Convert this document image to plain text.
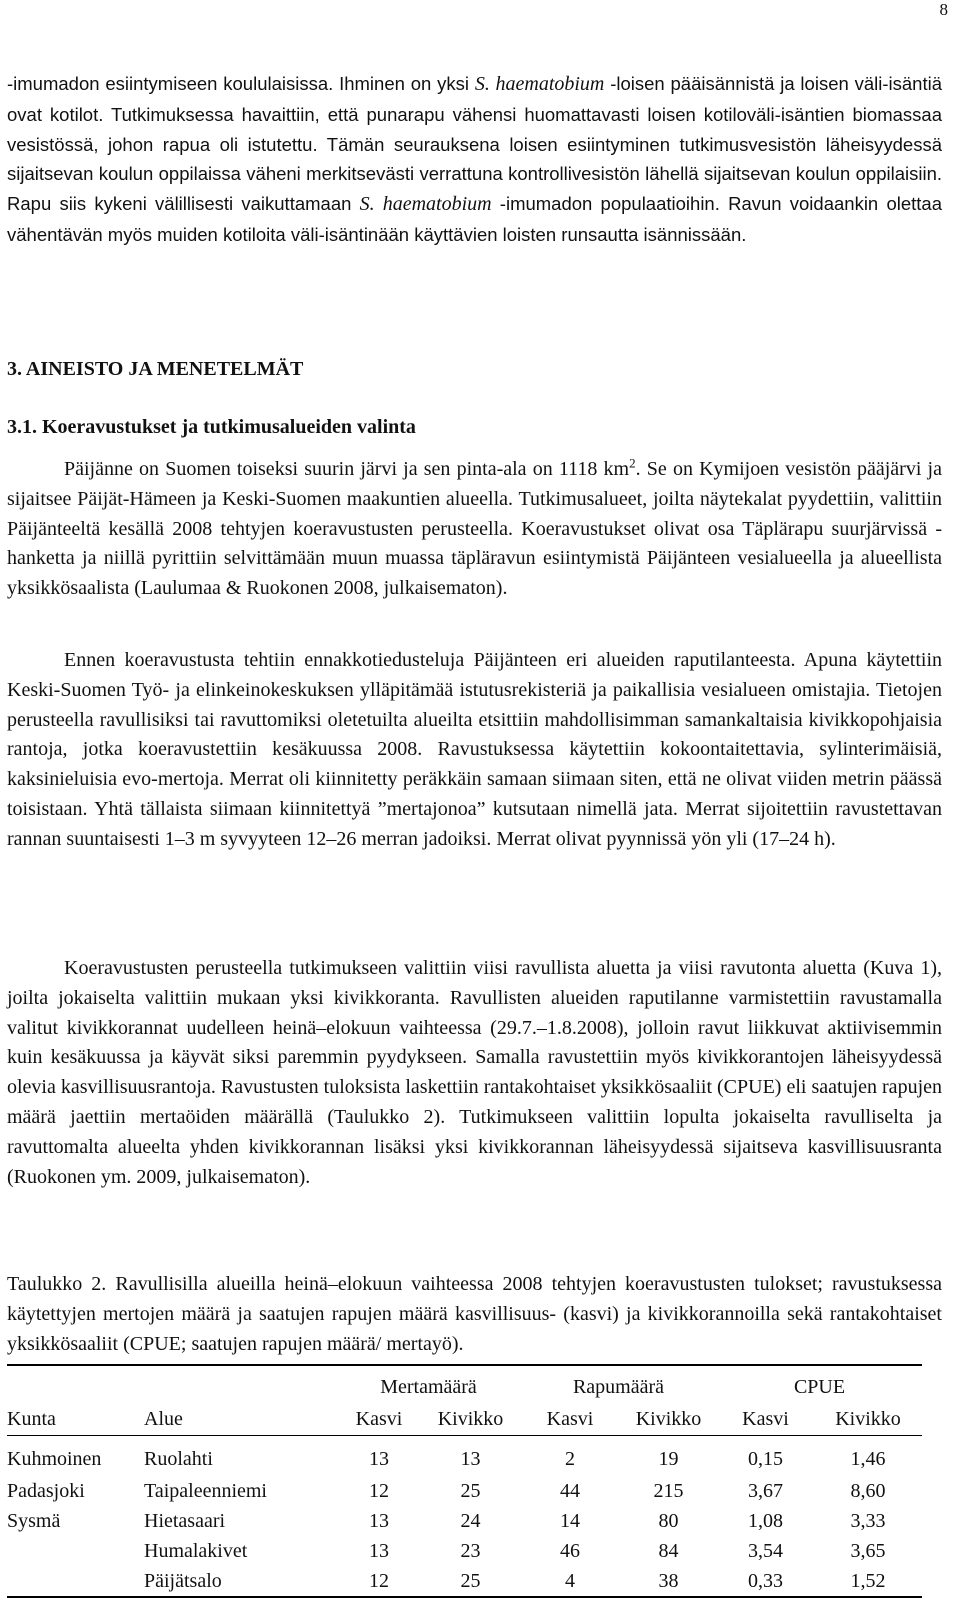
8

-imumadon esiintymiseen koululaisissa. Ihminen on yksi S. haematobium -loisen pääisännistä ja loisen väli-isäntiä ovat kotilot. Tutkimuksessa havaittiin, että punarapu vähensi huomattavasti loisen kotiloväli-isäntien biomassaa vesistössä, johon rapua oli istutettu. Tämän seurauksena loisen esiintyminen tutkimusvesistön läheisyydessä sijaitsevan koulun oppilaissa väheni merkitsevästi verrattuna kontrollivesistön lähellä sijaitsevan koulun oppilaisiin. Rapu siis kykeni välillisesti vaikuttamaan S. haematobium -imumadon populaatioihin. Ravun voidaankin olettaa vähentävän myös muiden kotiloita väli-isäntinään käyttävien loisten runsautta isännissään.

3. AINEISTO JA MENETELMÄT
3.1. Koeravustukset ja tutkimusalueiden valinta

Päijänne on Suomen toiseksi suurin järvi ja sen pinta-ala on 1118 $km^2$. Se on Kymijoen vesistön pääjärvi ja sijaitsee Päijät-Hämeen ja Keski-Suomen maakuntien alueella. Tutkimusalueet, joilta näytekalat pyydettiin, valittiin Päijänteeltä kesällä 2008 tehtyjen koeravustusten perusteella. Koeravustukset olivat osa Täplärapu suurjärvissä -hanketta ja niillä pyrittiin selvittämään muun muassa täpläravun esiintymistä Päijänteen vesialueella ja alueellista yksikkösaalista (Laulumaa & Ruokonen 2008, julkaisematon).

Ennen koeravustusta tehtiin ennakkotiedusteluja Päijänteen eri alueiden raputilanteesta. Apuna käytettiin Keski-Suomen Työ- ja elinkeinokeskuksen ylläpitämää istutusrekisteriä ja paikallisia vesialueen omistajia. Tietojen perusteella ravullisiksi tai ravuttomiksi oletetuilta alueilta etsittiin mahdollisimman samankaltaisia kivikkopohjaisia rantoja, jotka koeravustettiin kesäkuussa 2008. Ravustuksessa käytettiin kokoontaitettavia, sylinterimäisiä, kaksinieluisia evo-mertoja. Merrat oli kiinnitetty peräkkäin samaan siimaan siten, että ne olivat viiden metrin päässä toisistaan. Yhtä tällaista siimaan kiinnitettyä ”mertajonoa” kutsutaan nimellä jata. Merrat sijoitettiin ravustettavan rannan suuntaisesti 1–3 m syvyyteen 12–26 merran jadoiksi. Merrat olivat pyynnissä yön yli (17–24 h).

Koeravustusten perusteella tutkimukseen valittiin viisi ravullista aluetta ja viisi ravutonta aluetta (Kuva 1), joilta jokaiselta valittiin mukaan yksi kivikkoranta. Ravullisten alueiden raputilanne varmistettiin ravustamalla valitut kivikkorannat uudelleen heinä–elokuun vaihteessa (29.7.–1.8.2008), jolloin ravut liikkuvat aktiivisemmin kuin kesäkuussa ja käyvät siksi paremmin pyydykseen. Samalla ravustettiin myös kivikkorantojen läheisyydessä olevia kasvillisuusrantoja. Ravustusten tuloksista laskettiin rantakohtaiset yksikkösaaliit (CPUE) eli saatujen rapujen määrä jaettiin mertaöiden määrällä (Taulukko 2). Tutkimukseen valittiin lopulta jokaiselta ravulliselta ja ravuttomalta alueelta yhden kivikkorannan lisäksi yksi kivikkorannan läheisyydessä sijaitseva kasvillisuusranta (Ruokonen ym. 2009, julkaisematon).

Taulukko 2. Ravullisilla alueilla heinä–elokuun vaihteessa 2008 tehtyjen koeravustusten tulokset; ravustuksessa käytettyjen mertojen määrä ja saatujen rapujen määrä kasvillisuus- (kasvi) ja kivikkorannoilla sekä rantakohtaiset yksikkösaaliit (CPUE; saatujen rapujen määrä/ mertayö).

		Mertamäärä		Rapumäärä		CPUE	
Kunta	Alue	Kasvi	Kivikko	Kasvi	Kivikko	Kasvi	Kivikko
Kuhmoinen	Ruolahti	13	13	2	19	0,15	1,46
Padasjoki	Taipaleenniemi	12	25	44	215	3,67	8,60
Sysmä	Hietasaari	13	24	14	80	1,08	3,33
	Humalakivet	13	23	46	84	3,54	3,65
	Päijätsalo	12	25	4	38	0,33	1,52
